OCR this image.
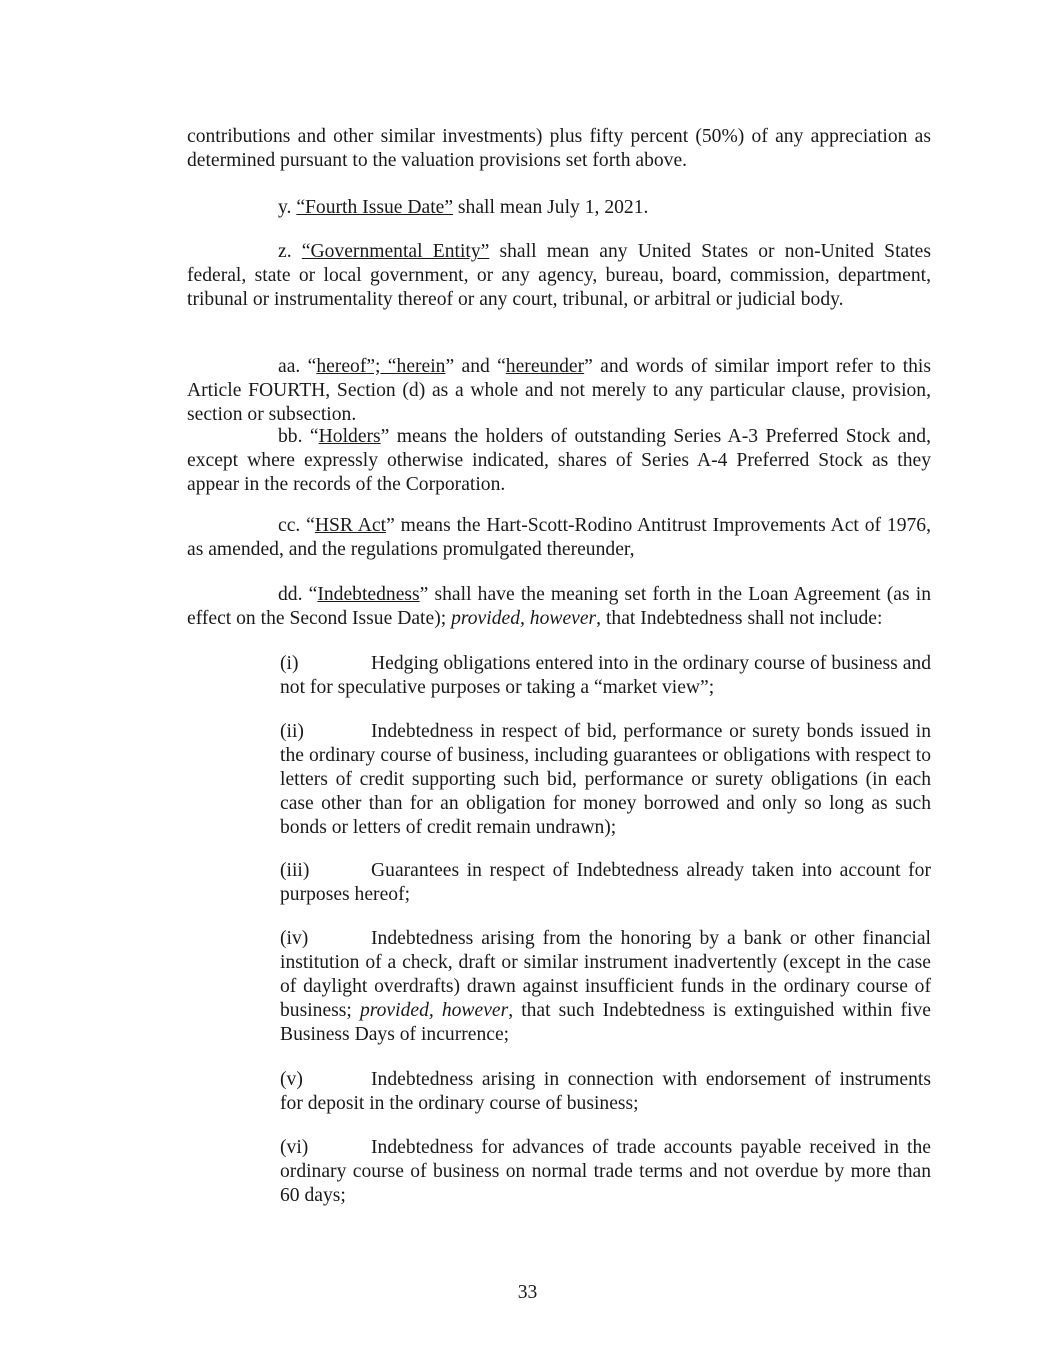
contributions and other similar investments) plus fifty percent (50%) of any appreciation as determined pursuant to the valuation provisions set forth above.

y. “Fourth Issue Date” shall mean July 1, 2021.

z. “Governmental Entity” shall mean any United States or non-United States federal, state or local government, or any agency, bureau, board, commission, department, tribunal or instrumentality thereof or any court, tribunal, or arbitral or judicial body.

aa. “hereof”; “herein” and “hereunder” and words of similar import refer to this Article FOURTH, Section (d) as a whole and not merely to any particular clause, provision, section or subsection.

bb. “Holders” means the holders of outstanding Series A-3 Preferred Stock and, except where expressly otherwise indicated, shares of Series A-4 Preferred Stock as they appear in the records of the Corporation.

cc. “HSR Act” means the Hart-Scott-Rodino Antitrust Improvements Act of 1976, as amended, and the regulations promulgated thereunder,

dd. “Indebtedness” shall have the meaning set forth in the Loan Agreement (as in effect on the Second Issue Date); provided, however, that Indebtedness shall not include:

(i)	Hedging obligations entered into in the ordinary course of business and not for speculative purposes or taking a “market view”;

(ii)	Indebtedness in respect of bid, performance or surety bonds issued in the ordinary course of business, including guarantees or obligations with respect to letters of credit supporting such bid, performance or surety obligations (in each case other than for an obligation for money borrowed and only so long as such bonds or letters of credit remain undrawn);

(iii)	Guarantees in respect of Indebtedness already taken into account for purposes hereof;

(iv)	Indebtedness arising from the honoring by a bank or other financial institution of a check, draft or similar instrument inadvertently (except in the case of daylight overdrafts) drawn against insufficient funds in the ordinary course of business; provided, however, that such Indebtedness is extinguished within five Business Days of incurrence;

(v)	Indebtedness arising in connection with endorsement of instruments for deposit in the ordinary course of business;

(vi)	Indebtedness for advances of trade accounts payable received in the ordinary course of business on normal trade terms and not overdue by more than 60 days;

33
